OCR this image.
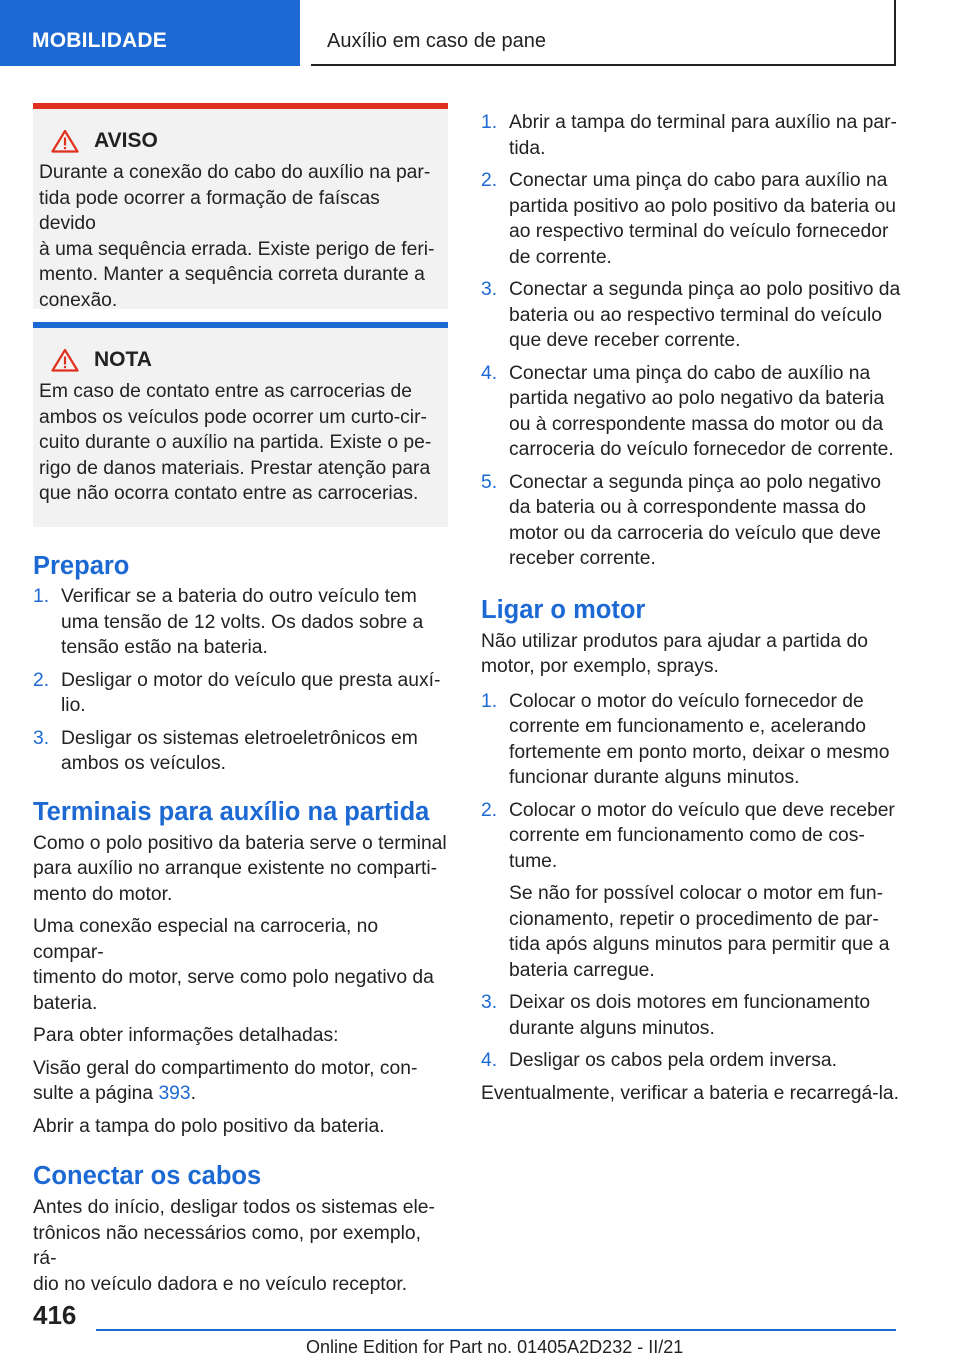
MOBILIDADE	Auxílio em caso de pane
AVISO
Durante a conexão do cabo do auxílio na par‐
tida pode ocorrer a formação de faíscas devido
à uma sequência errada. Existe perigo de feri‐
mento. Manter a sequência correta durante a
conexão.
NOTA
Em caso de contato entre as carrocerias de
ambos os veículos pode ocorrer um curto-cir‐
cuito durante o auxílio na partida. Existe o pe‐
rigo de danos materiais. Prestar atenção para
que não ocorra contato entre as carrocerias.
Preparo
1. Verificar se a bateria do outro veículo tem
uma tensão de 12 volts. Os dados sobre a
tensão estão na bateria.
2. Desligar o motor do veículo que presta auxí‐
lio.
3. Desligar os sistemas eletroeletrônicos em
ambos os veículos.
Terminais para auxílio na partida

Como o polo positivo da bateria serve o terminal
para auxílio no arranque existente no comparti‐
mento do motor.

Uma conexão especial na carroceria, no compar‐
timento do motor, serve como polo negativo da
bateria.

Para obter informações detalhadas:

Visão geral do compartimento do motor, con‐
sulte a página 393.

Abrir a tampa do polo positivo da bateria.

Conectar os cabos

Antes do início, desligar todos os sistemas ele‐
trônicos não necessários como, por exemplo, rá‐
dio no veículo dadora e no veículo receptor.

1. Abrir a tampa do terminal para auxílio na par‐
tida.
2. Conectar uma pinça do cabo para auxílio na
partida positivo ao polo positivo da bateria ou
ao respectivo terminal do veículo fornecedor
de corrente.
3. Conectar a segunda pinça ao polo positivo da
bateria ou ao respectivo terminal do veículo
que deve receber corrente.
4. Conectar uma pinça do cabo de auxílio na
partida negativo ao polo negativo da bateria
ou à correspondente massa do motor ou da
carroceria do veículo fornecedor de corrente.
5. Conectar a segunda pinça ao polo negativo
da bateria ou à correspondente massa do
motor ou da carroceria do veículo que deve
receber corrente.
Ligar o motor

Não utilizar produtos para ajudar a partida do
motor, por exemplo, sprays.

1. Colocar o motor do veículo fornecedor de
corrente em funcionamento e, acelerando
fortemente em ponto morto, deixar o mesmo
funcionar durante alguns minutos.
2. Colocar o motor do veículo que deve receber
corrente em funcionamento como de cos‐
tume.

Se não for possível colocar o motor em fun‐
cionamento, repetir o procedimento de par‐
tida após alguns minutos para permitir que a
bateria carregue.

3. Deixar os dois motores em funcionamento
durante alguns minutos.
4. Desligar os cabos pela ordem inversa.

Eventualmente, verificar a bateria e recarregá-la.

416
Online Edition for Part no. 01405A2D232 - II/21
